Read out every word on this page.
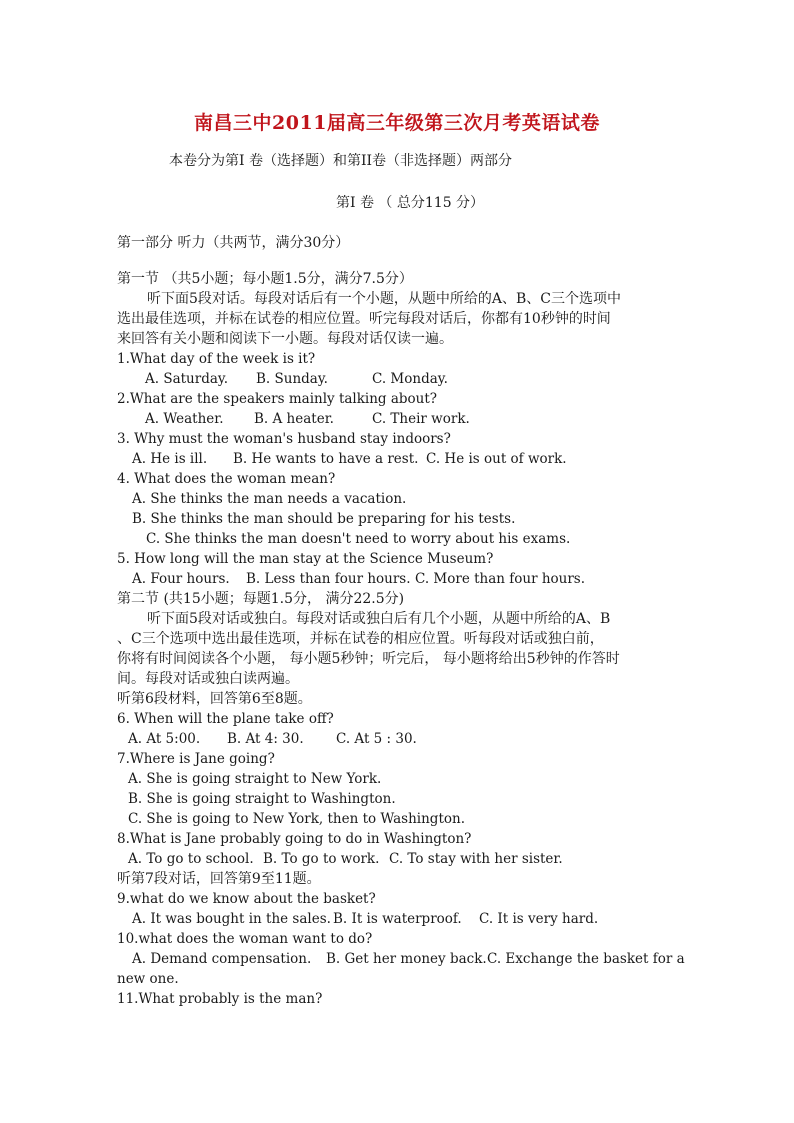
南昌三中2011届高三年级第三次月考英语试卷
本卷分为第I 卷（选择题）和第II卷（非选择题）两部分
第I 卷 （ 总分115 分）
第一部分 听力（共两节，满分30分）
第一节 （共5小题；每小题1.5分，满分7.5分）
听下面5段对话。每段对话后有一个小题，从题中所给的A、B、C三个选项中
选出最佳选项，并标在试卷的相应位置。听完每段对话后，你都有10秒钟的时间
来回答有关小题和阅读下一小题。每段对话仅读一遍。
1.What day of the week is it?
A. Saturday. B. Sunday.	C. Monday.
2.What are the speakers mainly talking about?
A. Weather. B. A heater.	C. Their work.
3. Why must the woman's husband stay indoors?
A. He is ill. B. He wants to have a rest. C. He is out of work.
4. What does the woman mean?
A. She thinks the man needs a vacation.
B. She thinks the man should be preparing for his tests.
C. She thinks the man doesn't need to worry about his exams.
5. How long will the man stay at the Science Museum?
A. Four hours. B. Less than four hours. C. More than four hours.
第二节 (共15小题；每题1.5分， 满分22.5分)
听下面5段对话或独白。每段对话或独白后有几个小题，从题中所给的A、B
、C三个选项中选出最佳选项，并标在试卷的相应位置。听每段对话或独白前，
你将有时间阅读各个小题， 每小题5秒钟；听完后， 每小题将给出5秒钟的作答时
间。每段对话或独白读两遍。
听第6段材料，回答第6至8题。
6. When will the plane take off?
A. At 5:00. B. At 4: 30. C. At 5 : 30.
7.Where is Jane going?
A. She is going straight to New York.
B. She is going straight to Washington.
C. She is going to New York, then to Washington.
8.What is Jane probably going to do in Washington?
A. To go to school. B. To go to work. C. To stay with her sister.
听第7段对话，回答第9至11题。
9.what do we know about the basket?
A. It was bought in the sales. B. It is waterproof. C. It is very hard.
10.what does the woman want to do?
A. Demand compensation. B. Get her money back. C. Exchange the basket for a
new one.
11.What probably is the man?
